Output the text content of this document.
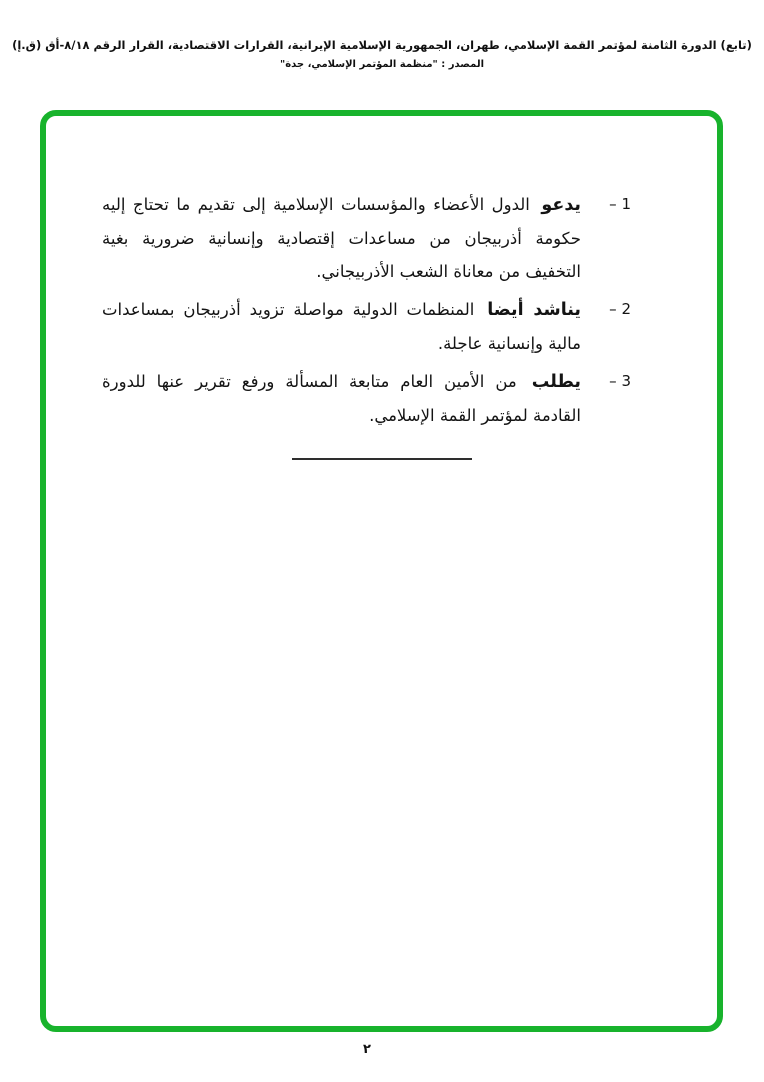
(تابع) الدورة الثامنة لمؤتمر القمة الإسلامي، طهران، الجمهورية الإسلامية الإيرانية، القرارات الاقتصادية، القرار الرقم ٨/١٨-أق (ق.إ)
المصدر : "منظمة المؤتمر الإسلامي، جدة"
1 –
يدعو الدول الأعضاء والمؤسسات الإسلامية إلى تقديم ما تحتاج إليه حكومة أذربيجان من مساعدات إقتصادية وإنسانية ضرورية بغية التخفيف من معاناة الشعب الأذربيجاني.
2 –
يناشد أيضا المنظمات الدولية مواصلة تزويد أذربيجان بمساعدات مالية وإنسانية عاجلة.
3 –
يطلب من الأمين العام متابعة المسألة ورفع تقرير عنها للدورة القادمة لمؤتمر القمة الإسلامي.
٢
